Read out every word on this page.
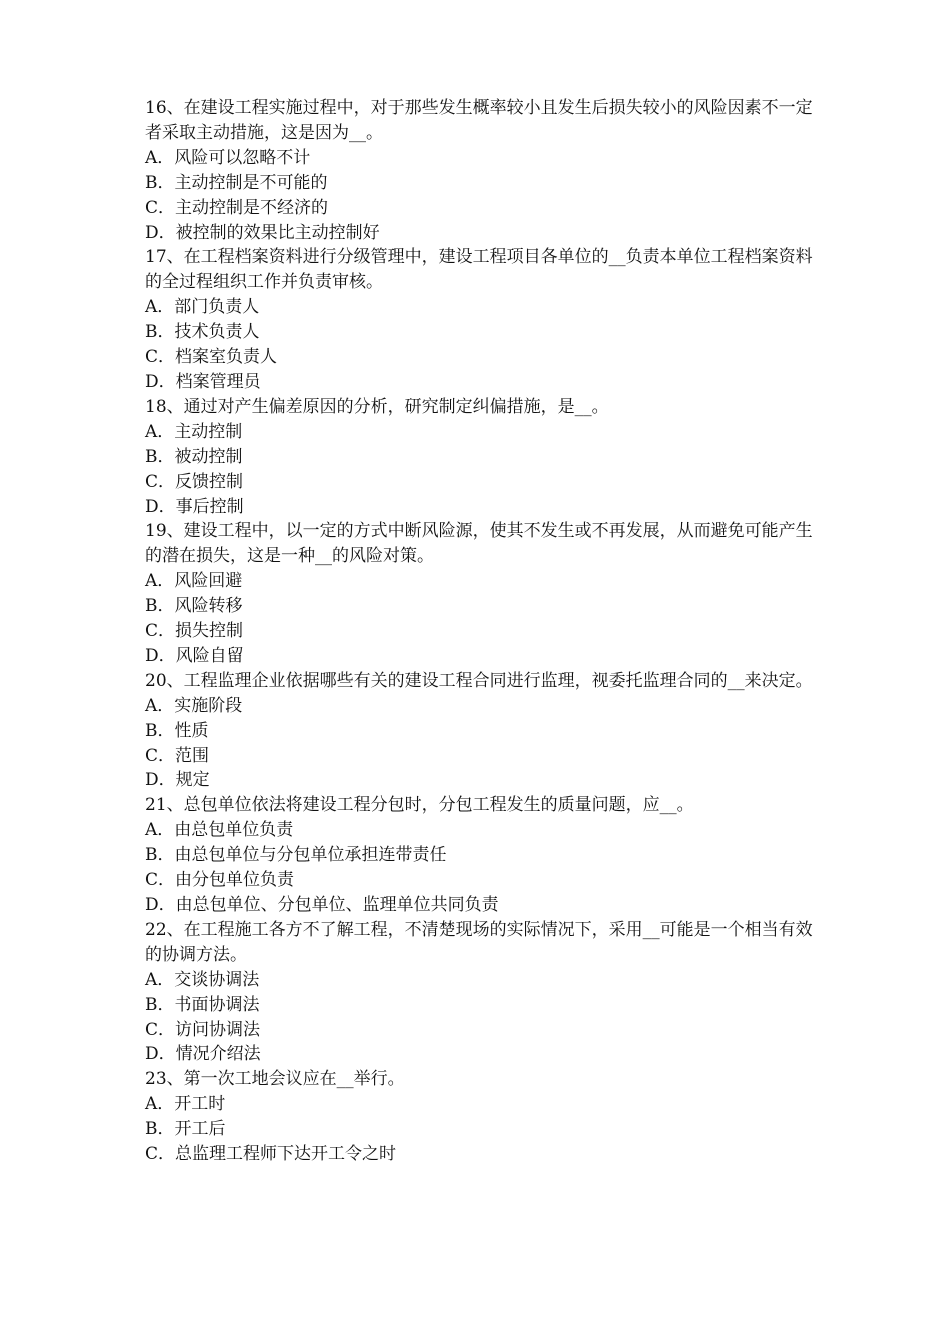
16、在建设工程实施过程中，对于那些发生概率较小且发生后损失较小的风险因素不一定者采取主动措施，这是因为__。
A．风险可以忽略不计
B．主动控制是不可能的
C．主动控制是不经济的
D．被控制的效果比主动控制好
17、在工程档案资料进行分级管理中，建设工程项目各单位的__负责本单位工程档案资料的全过程组织工作并负责审核。
A．部门负责人
B．技术负责人
C．档案室负责人
D．档案管理员
18、通过对产生偏差原因的分析，研究制定纠偏措施，是__。
A．主动控制
B．被动控制
C．反馈控制
D．事后控制
19、建设工程中，以一定的方式中断风险源，使其不发生或不再发展，从而避免可能产生的潜在损失，这是一种__的风险对策。
A．风险回避
B．风险转移
C．损失控制
D．风险自留
20、工程监理企业依据哪些有关的建设工程合同进行监理，视委托监理合同的__来决定。
A．实施阶段
B．性质
C．范围
D．规定
21、总包单位依法将建设工程分包时，分包工程发生的质量问题，应__。
A．由总包单位负责
B．由总包单位与分包单位承担连带责任
C．由分包单位负责
D．由总包单位、分包单位、监理单位共同负责
22、在工程施工各方不了解工程，不清楚现场的实际情况下，采用__可能是一个相当有效的协调方法。
A．交谈协调法
B．书面协调法
C．访问协调法
D．情况介绍法
23、第一次工地会议应在__举行。
A．开工时
B．开工后
C．总监理工程师下达开工令之时
